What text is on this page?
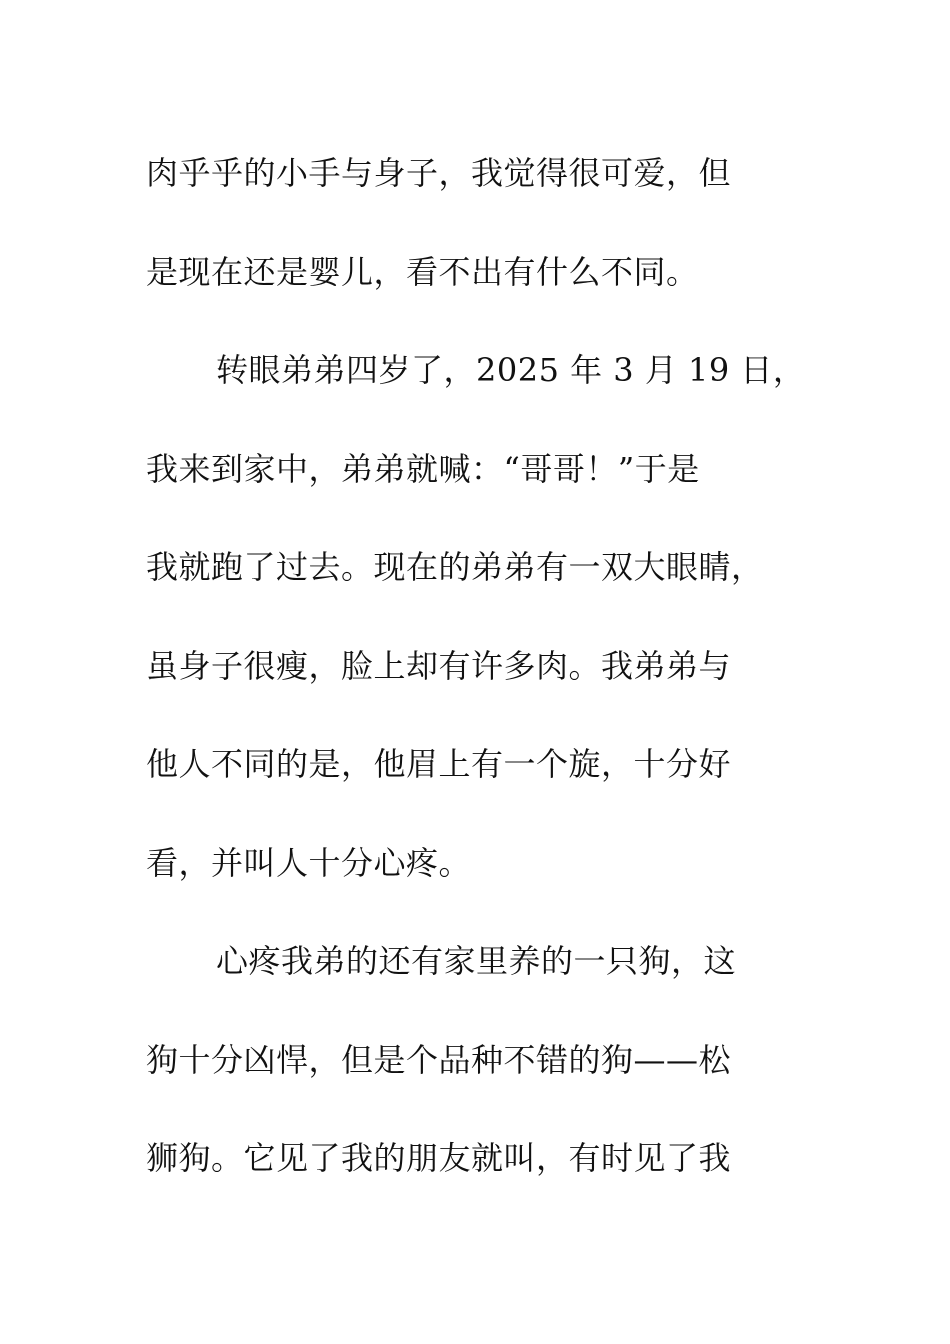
肉乎乎的小手与身子，我觉得很可爱，但
是现在还是婴儿，看不出有什么不同。
转眼弟弟四岁了，2025 年 3 月 19 日，
我来到家中，弟弟就喊：“哥哥！”于是
我就跑了过去。现在的弟弟有一双大眼睛，
虽身子很瘦，脸上却有许多肉。我弟弟与
他人不同的是，他眉上有一个旋，十分好
看，并叫人十分心疼。
心疼我弟的还有家里养的一只狗，这
狗十分凶悍，但是个品种不错的狗——松
狮狗。它见了我的朋友就叫，有时见了我
